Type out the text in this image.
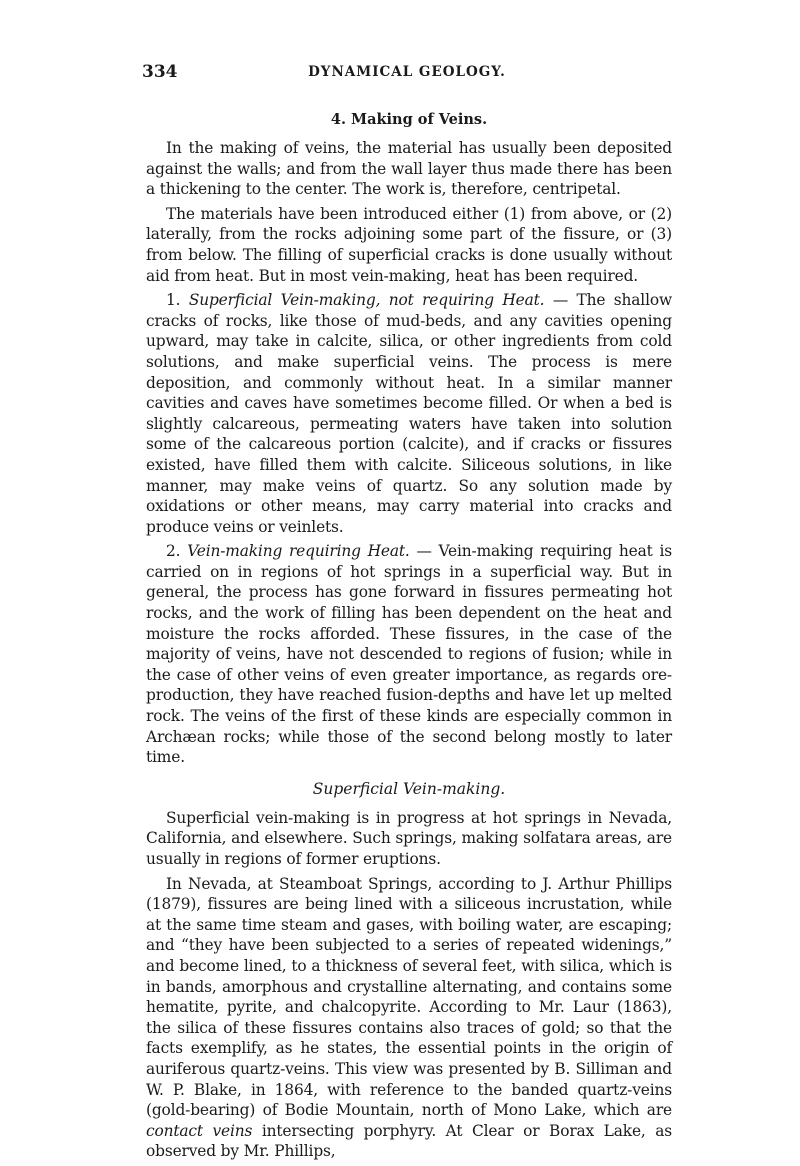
334	DYNAMICAL GEOLOGY.
4. Making of Veins.

In the making of veins, the material has usually been deposited against the walls; and from the wall layer thus made there has been a thickening to the center. The work is, therefore, centripetal.

The materials have been introduced either (1) from above, or (2) laterally, from the rocks adjoining some part of the fissure, or (3) from below. The filling of superficial cracks is done usually without aid from heat. But in most vein-making, heat has been required.

1. Superficial Vein-making, not requiring Heat. — The shallow cracks of rocks, like those of mud-beds, and any cavities opening upward, may take in calcite, silica, or other ingredients from cold solutions, and make superficial veins. The process is mere deposition, and commonly without heat. In a similar manner cavities and caves have sometimes become filled. Or when a bed is slightly calcareous, permeating waters have taken into solution some of the calcareous portion (calcite), and if cracks or fissures existed, have filled them with calcite. Siliceous solutions, in like manner, may make veins of quartz. So any solution made by oxidations or other means, may carry material into cracks and produce veins or veinlets.

2. Vein-making requiring Heat. — Vein-making requiring heat is carried on in regions of hot springs in a superficial way. But in general, the process has gone forward in fissures permeating hot rocks, and the work of filling has been dependent on the heat and moisture the rocks afforded. These fissures, in the case of the majority of veins, have not descended to regions of fusion; while in the case of other veins of even greater importance, as regards ore-production, they have reached fusion-depths and have let up melted rock. The veins of the first of these kinds are especially common in Archæan rocks; while those of the second belong mostly to later time.

Superficial Vein-making.

Superficial vein-making is in progress at hot springs in Nevada, California, and elsewhere. Such springs, making solfatara areas, are usually in regions of former eruptions.

In Nevada, at Steamboat Springs, according to J. Arthur Phillips (1879), fissures are being lined with a siliceous incrustation, while at the same time steam and gases, with boiling water, are escaping; and “they have been subjected to a series of repeated widenings,” and become lined, to a thickness of several feet, with silica, which is in bands, amorphous and crystalline alternating, and contains some hematite, pyrite, and chalcopyrite. According to Mr. Laur (1863), the silica of these fissures contains also traces of gold; so that the facts exemplify, as he states, the essential points in the origin of auriferous quartz-veins. This view was presented by B. Silliman and W. P. Blake, in 1864, with reference to the banded quartz-veins (gold-bearing) of Bodie Mountain, north of Mono Lake, which are contact veins intersecting porphyry. At Clear or Borax Lake, as observed by Mr. Phillips,
